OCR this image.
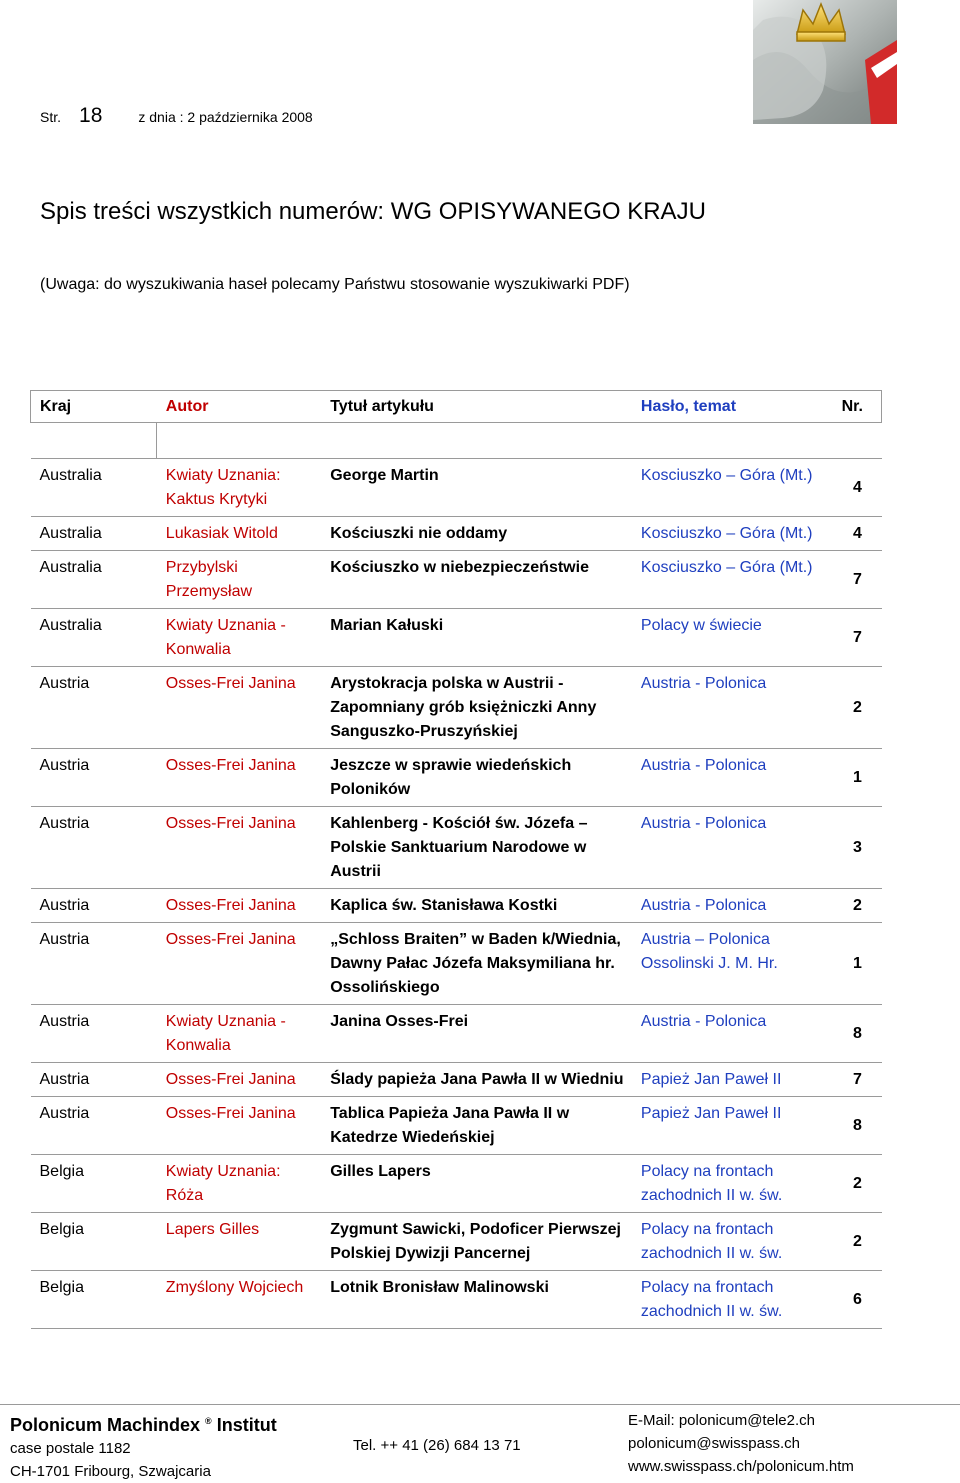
Str. 18	z dnia : 2 października 2008
Spis treści wszystkich numerów: WG OPISYWANEGO KRAJU
(Uwaga: do wyszukiwania haseł polecamy Państwu stosowanie wyszukiwarki PDF)
Kraj	Autor	Tytuł artykułu	Hasło, temat	Nr.

Australia	Kwiaty Uznania: Kaktus Krytyki	George Martin	Kosciuszko – Góra (Mt.)	4
Australia	Lukasiak Witold	Kościuszki nie oddamy	Kosciuszko – Góra (Mt.)	4
Australia	Przybylski Przemysław	Kościuszko w niebezpieczeństwie	Kosciuszko – Góra (Mt.)	7
Australia	Kwiaty Uznania - Konwalia	Marian Kałuski	Polacy w świecie	7
Austria	Osses-Frei Janina	Arystokracja polska w Austrii - Zapomniany grób księżniczki Anny Sanguszko-Pruszyńskiej	Austria - Polonica	2
Austria	Osses-Frei Janina	Jeszcze w sprawie wiedeńskich Poloników	Austria - Polonica	1
Austria	Osses-Frei Janina	Kahlenberg - Kościół św. Józefa – Polskie Sanktuarium Narodowe w Austrii	Austria - Polonica	3
Austria	Osses-Frei Janina	Kaplica św. Stanisława Kostki	Austria - Polonica	2
Austria	Osses-Frei Janina	„Schloss Braiten” w Baden k/Wiednia, Dawny Pałac Józefa Maksymiliana hr. Ossolińskiego	Austria – Polonica Ossolinski J. M. Hr.	1
Austria	Kwiaty Uznania - Konwalia	Janina Osses-Frei	Austria - Polonica	8
Austria	Osses-Frei Janina	Ślady papieża Jana Pawła II w Wiedniu	Papież Jan Paweł II	7
Austria	Osses-Frei Janina	Tablica Papieża Jana Pawła II w Katedrze Wiedeńskiej	Papież Jan Paweł II	8
Belgia	Kwiaty Uznania: Róża	Gilles Lapers	Polacy na frontach zachodnich II w. św.	2
Belgia	Lapers Gilles	Zygmunt Sawicki, Podoficer Pierwszej Polskiej Dywizji Pancernej	Polacy na frontach zachodnich II w. św.	2
Belgia	Zmyślony Wojciech	Lotnik Bronisław Malinowski	Polacy na frontach zachodnich II w. św.	6
Polonicum Machindex ® Institut
case postale 1182
CH-1701 Fribourg, Szwajcaria
Tel. ++ 41 (26) 684 13 71
E-Mail: polonicum@tele2.ch
polonicum@swisspass.ch
www.swisspass.ch/polonicum.htm
